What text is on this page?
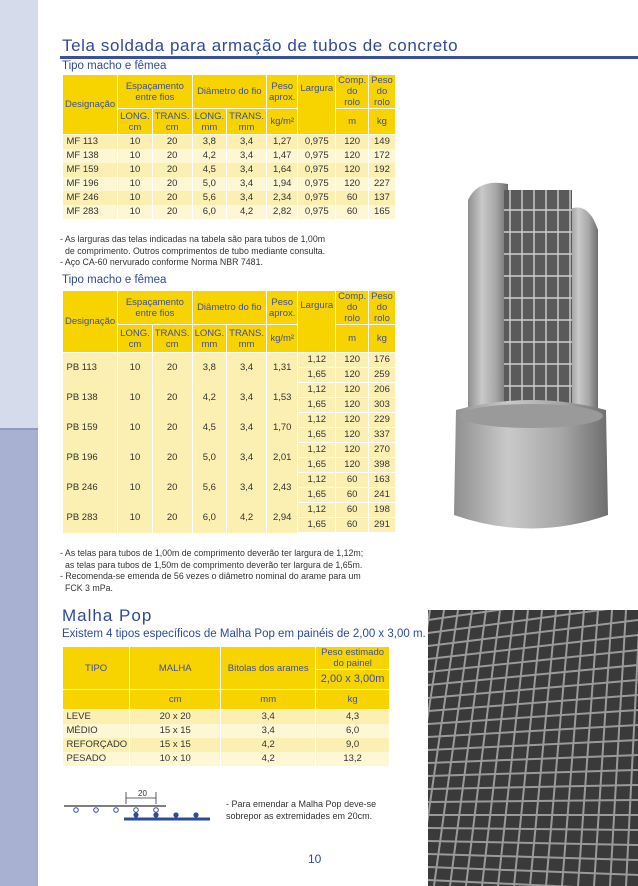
Tela soldada para armação de tubos de concreto
Tipo macho e fêmea
Designação	Espaçamento entre fios		Diâmetro do fio		Peso aprox.	Largura	Comp. do rolo	Peso do rolo
	LONG. cm	TRANS. cm	LONG. mm	TRANS. mm	kg/m²		m	kg
MF 113	10	20	3,8	3,4	1,27	0,975	120	149
MF 138	10	20	4,2	3,4	1,47	0,975	120	172
MF 159	10	20	4,5	3,4	1,64	0,975	120	192
MF 196	10	20	5,0	3,4	1,94	0,975	120	227
MF 246	10	20	5,6	3,4	2,34	0,975	60	137
MF 283	10	20	6,0	4,2	2,82	0,975	60	165
- As larguras das telas indicadas na tabela são para tubos de 1,00m
de comprimento. Outros comprimentos de tubo mediante consulta.
- Aço CA-60 nervurado conforme Norma NBR 7481.
Tipo macho e fêmea
Designação	Espaçamento entre fios		Diâmetro do fio		Peso aprox.	Largura	Comp. do rolo	Peso do rolo
	LONG. cm	TRANS. cm	LONG. mm	TRANS. mm	kg/m²		m	kg
PB 113	10	20	3,8	3,4	1,31	1,12	120	176
						1,65	120	259
PB 138	10	20	4,2	3,4	1,53	1,12	120	206
						1,65	120	303
PB 159	10	20	4,5	3,4	1,70	1,12	120	229
						1,65	120	337
PB 196	10	20	5,0	3,4	2,01	1,12	120	270
						1,65	120	398
PB 246	10	20	5,6	3,4	2,43	1,12	60	163
						1,65	60	241
PB 283	10	20	6,0	4,2	2,94	1,12	60	198
						1,65	60	291
- As telas para tubos de 1,00m de comprimento deverão ter largura de 1,12m;
as telas para tubos de 1,50m de comprimento deverão ter largura de 1,65m.
- Recomenda-se emenda de 56 vezes o diâmetro nominal do arame para um
FCK 3 mPa.
Malha Pop
Existem 4 tipos específicos de Malha Pop em painéis de 2,00 x 3,00 m.
TIPO	MALHA	Bitolas dos arames	Peso estimado do painel
			2,00 x 3,00m
	cm	mm	kg
LEVE	20 x 20	3,4	4,3
MÉDIO	15 x 15	3,4	6,0
REFORÇADO	15 x 15	4,2	9,0
PESADO	10 x 10	4,2	13,2
20
- Para emendar a Malha Pop deve-se sobrepor as extremidades em 20cm.
10
